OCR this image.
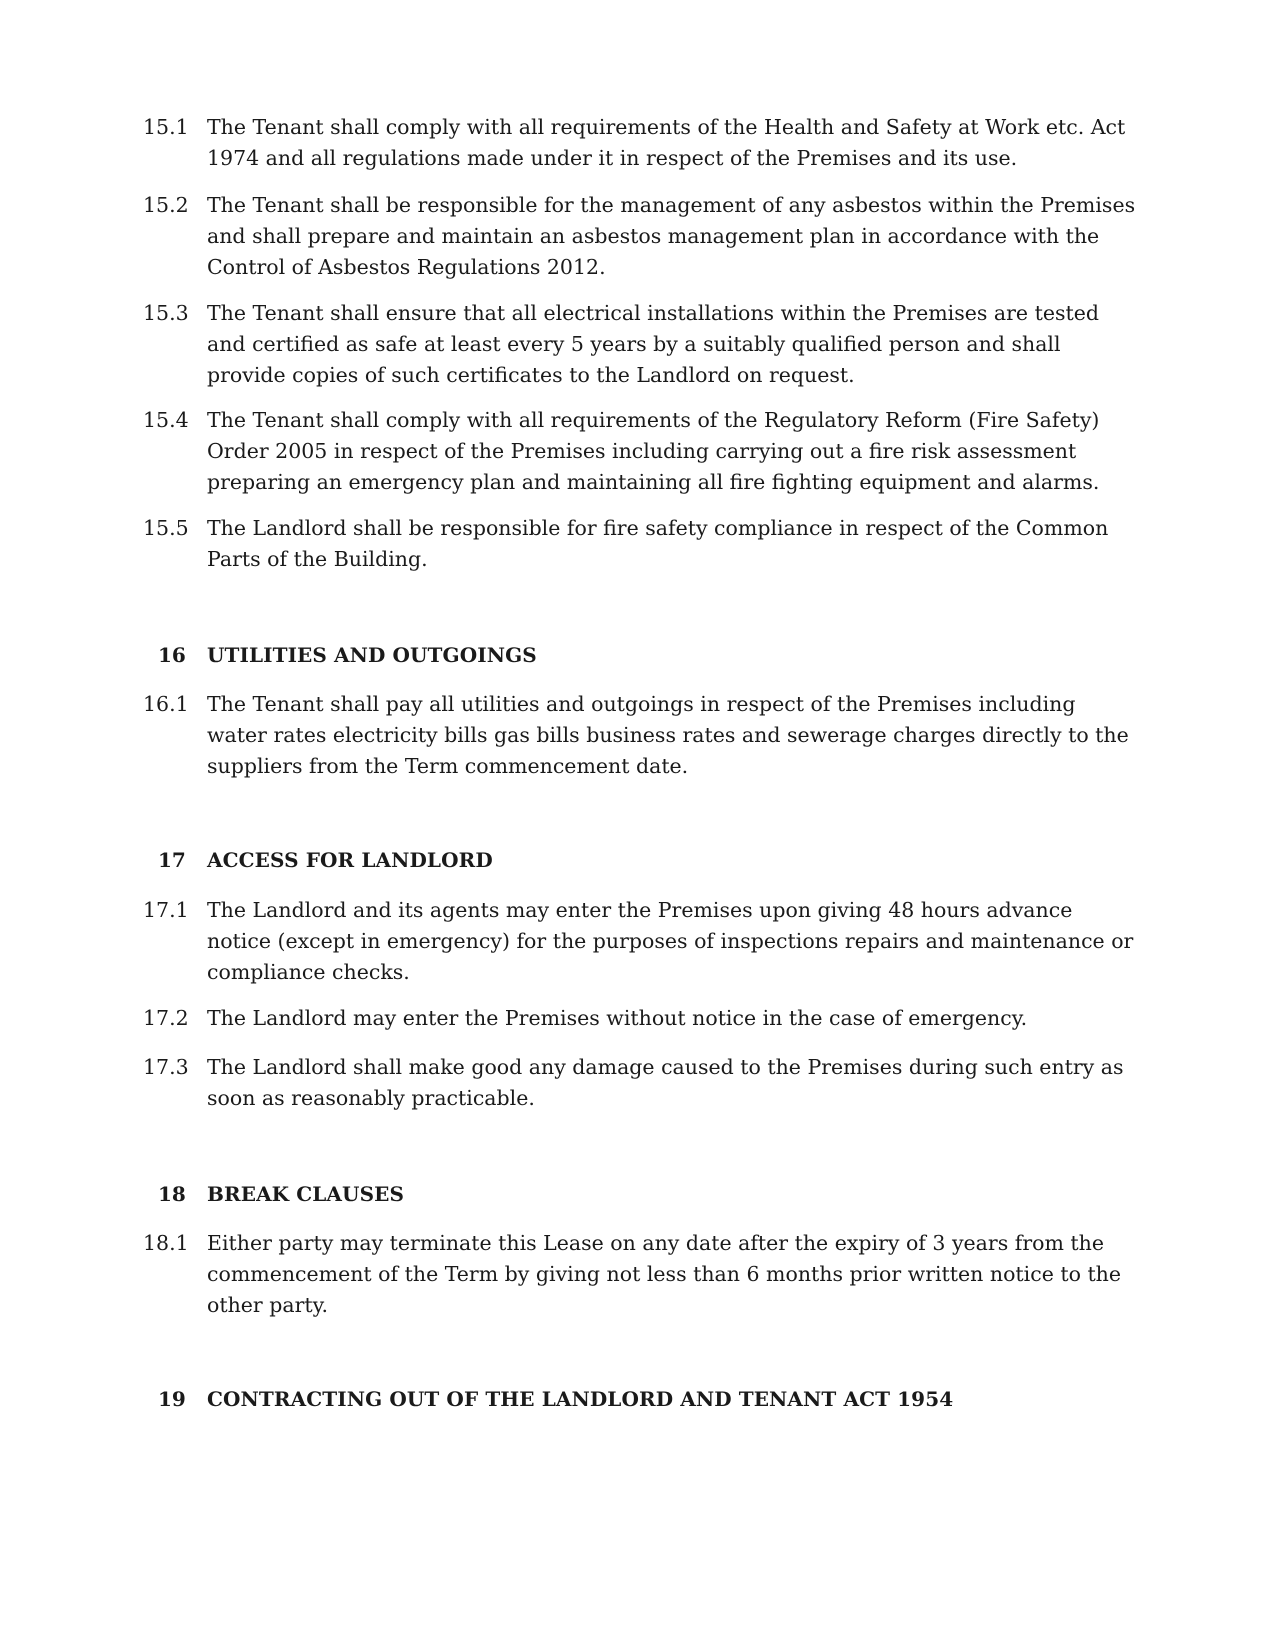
15.1 The Tenant shall comply with all requirements of the Health and Safety at Work etc. Act 1974 and all regulations made under it in respect of the Premises and its use.
15.2 The Tenant shall be responsible for the management of any asbestos within the Premises and shall prepare and maintain an asbestos management plan in accordance with the Control of Asbestos Regulations 2012.
15.3 The Tenant shall ensure that all electrical installations within the Premises are tested and certified as safe at least every 5 years by a suitably qualified person and shall provide copies of such certificates to the Landlord on request.
15.4 The Tenant shall comply with all requirements of the Regulatory Reform (Fire Safety) Order 2005 in respect of the Premises including carrying out a fire risk assessment preparing an emergency plan and maintaining all fire fighting equipment and alarms.
15.5 The Landlord shall be responsible for fire safety compliance in respect of the Common Parts of the Building.
16	UTILITIES AND OUTGOINGS
16.1 The Tenant shall pay all utilities and outgoings in respect of the Premises including water rates electricity bills gas bills business rates and sewerage charges directly to the suppliers from the Term commencement date.
17	ACCESS FOR LANDLORD
17.1 The Landlord and its agents may enter the Premises upon giving 48 hours advance notice (except in emergency) for the purposes of inspections repairs and maintenance or compliance checks.
17.2 The Landlord may enter the Premises without notice in the case of emergency.
17.3 The Landlord shall make good any damage caused to the Premises during such entry as soon as reasonably practicable.
18	BREAK CLAUSES
18.1 Either party may terminate this Lease on any date after the expiry of 3 years from the commencement of the Term by giving not less than 6 months prior written notice to the other party.
19	CONTRACTING OUT OF THE LANDLORD AND TENANT ACT 1954
